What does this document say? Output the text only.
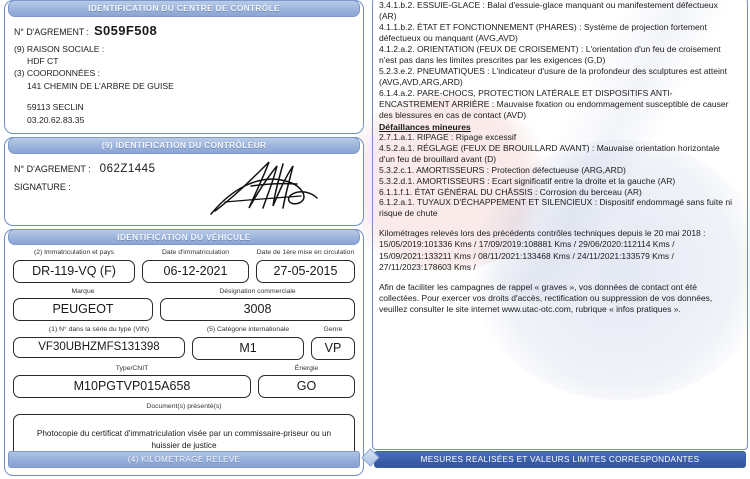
IDENTIFICATION DU CENTRE DE CONTRÔLE
N° D'AGREMENT : S059F508

(9) RAISON SOCIALE :

HDF CT

(3) COORDONNÉES :

141 CHEMIN DE L'ARBRE DE GUISE

59113 SECLIN

03.20.62.83.35

(9) IDENTIFICATION DU CONTRÔLEUR
N° D'AGREMENT : 062Z1445
SIGNATURE :
IDENTIFICATION DU VÉHICULE
(2) Immatriculation et pays	Date d'immatriculation	Date de 1ère mise en circulation
DR-119-VQ (F)	06-12-2021	27-05-2015
Marque	Désignation commerciale
PEUGEOT	3008
(1) N° dans la série du type (VIN)	(5) Catégorie internationale	Genre
VF30UBHZMFS131398	M1	VP
Type/CNIT	Énergie
M10PGTVP015A658	GO
Document(s) présenté(s)
Photocopie du certificat d'immatriculation visée par un commissaire-priseur ou un huissier de justice

3.4.1.b.2. ESSUIE-GLACE : Balai d'essuie-glace manquant ou manifestement défectueux (AR)

4.1.1.b.2. ÉTAT ET FONCTIONNEMENT (PHARES) : Système de projection fortement défectueux ou manquant (AVG,AVD)

4.1.2.a.2. ORIENTATION (FEUX DE CROISEMENT) : L'orientation d'un feu de croisement n'est pas dans les limites prescrites par les exigences (G,D)

5.2.3.e.2. PNEUMATIQUES : L'indicateur d'usure de la profondeur des sculptures est atteint (AVG,AVD,ARG,ARD)

6.1.4.a.2. PARE-CHOCS, PROTECTION LATÉRALE ET DISPOSITIFS ANTI-ENCASTREMENT ARRIÈRE : Mauvaise fixation ou endommagement susceptible de causer des blessures en cas de contact (AVD)

Défaillances mineures

2.7.1.a.1. RIPAGE : Ripage excessif

4.5.2.a.1. RÉGLAGE (FEUX DE BROUILLARD AVANT) : Mauvaise orientation horizontale d'un feu de brouillard avant (D)

5.3.2.c.1. AMORTISSEURS : Protection défectueuse (ARG,ARD)

5.3.2.d.1. AMORTISSEURS : Ecart significatif entre la droite et la gauche (AR)

6.1.1.f.1. ÉTAT GÉNÉRAL DU CHÂSSIS : Corrosion du berceau (AR)

6.1.2.a.1. TUYAUX D'ÉCHAPPEMENT ET SILENCIEUX : Dispositif endommagé sans fuite ni risque de chute

Kilométrages relevés lors des précédents contrôles techniques depuis le 20 mai 2018 :

15/05/2019:101336 Kms / 17/09/2019:108881 Kms / 29/06/2020:112114 Kms /

15/09/2021:133211 Kms / 08/11/2021:133468 Kms / 24/11/2021:133579 Kms /

27/11/2023:178603 Kms /

Afin de faciliter les campagnes de rappel « graves », vos données de contact ont été

collectées. Pour exercer vos droits d'accès, rectification ou suppression de vos données,

veuillez consulter le site internet www.utac-otc.com, rubrique « infos pratiques ».

(4) KILOMÉTRAGE RELEVÉ	MESURES REALISÉES ET VALEURS LIMITES CORRESPONDANTES
